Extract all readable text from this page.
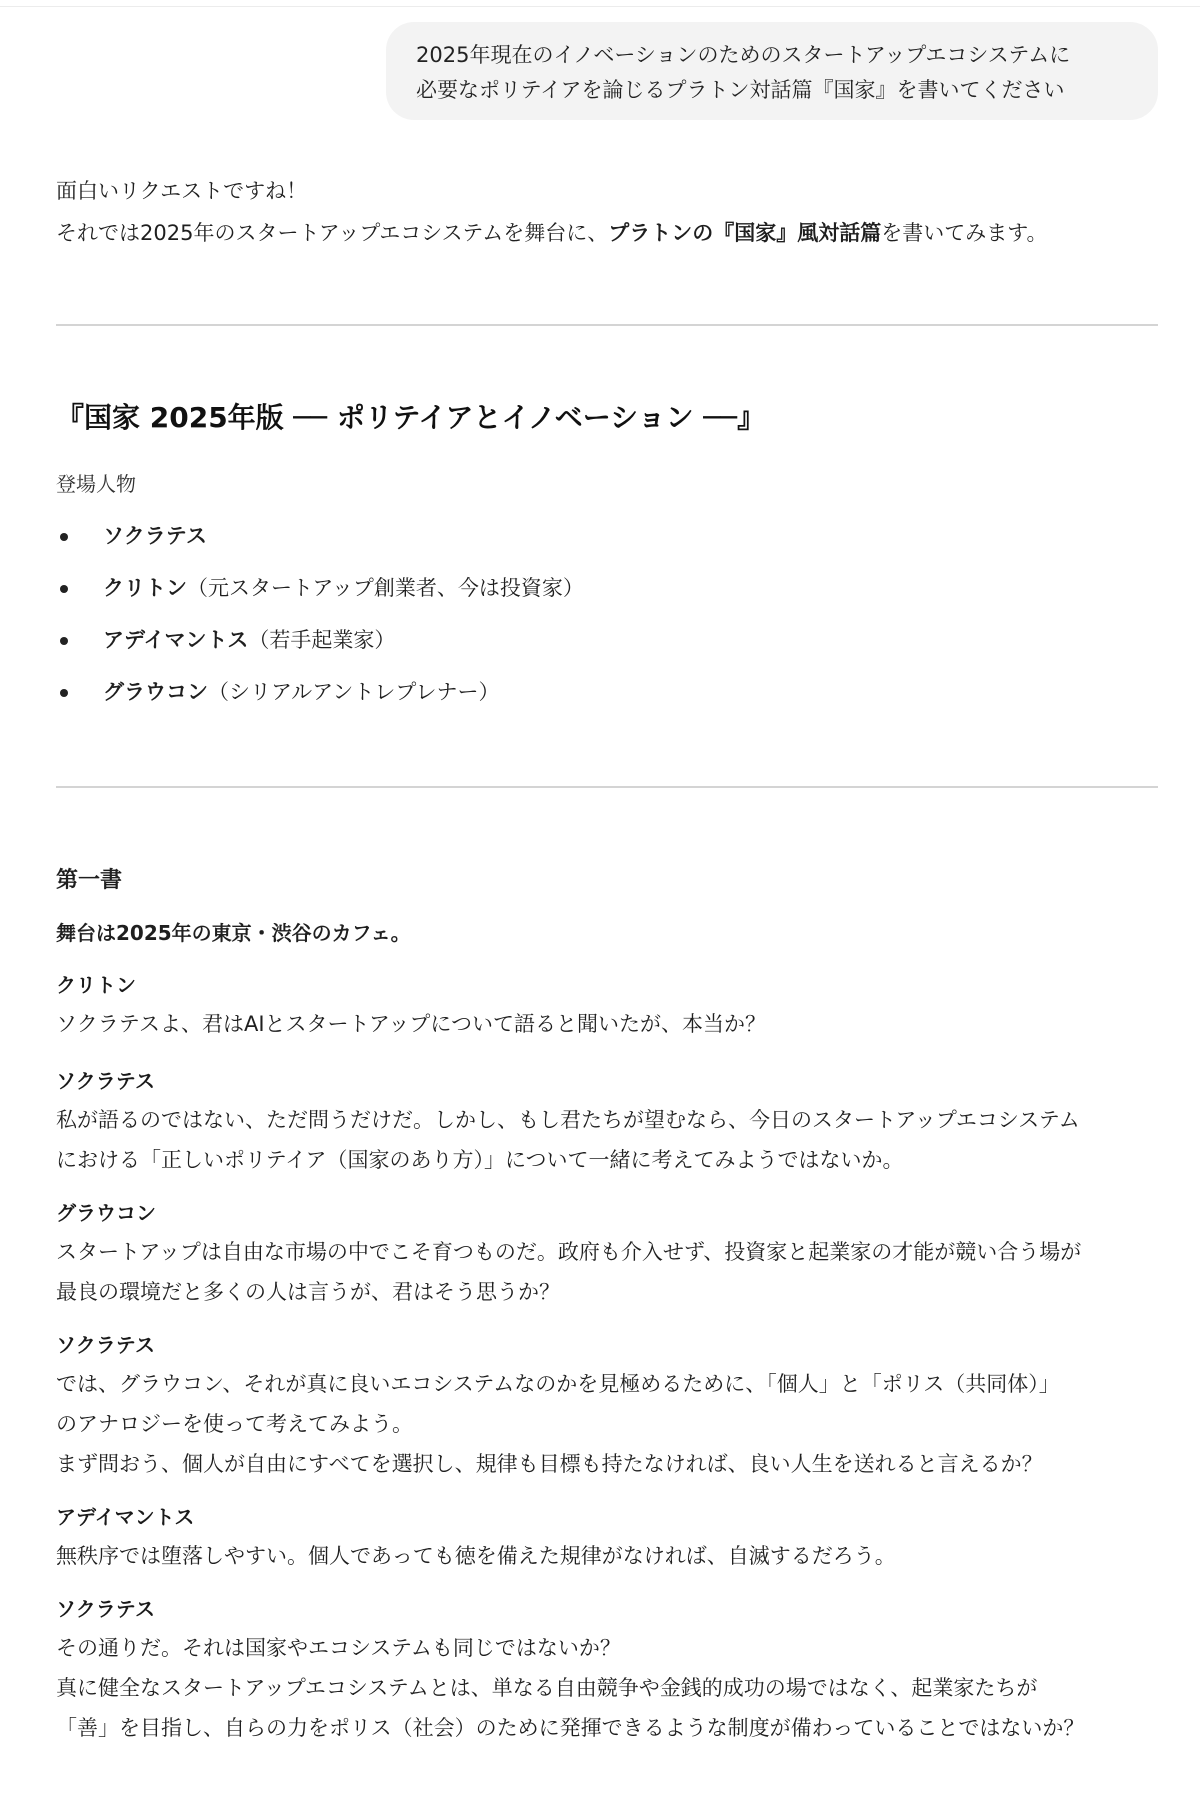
2025年現在のイノベーションのためのスタートアップエコシステムに

必要なポリテイアを論じるプラトン対話篇『国家』を書いてください

面白いリクエストですね！
それでは2025年のスタートアップエコシステムを舞台に、プラトンの『国家』風対話篇を書いてみます。
『国家 2025年版 ── ポリテイアとイノベーション ──』
登場人物
ソクラテス
クリトン（元スタートアップ創業者、今は投資家）
アデイマントス（若手起業家）
グラウコン（シリアルアントレプレナー）
第一書
舞台は2025年の東京・渋谷のカフェ。
クリトン
ソクラテスよ、君はAIとスタートアップについて語ると聞いたが、本当か？
ソクラテス
私が語るのではない、ただ問うだけだ。しかし、もし君たちが望むなら、今日のスタートアップエコシステム
における「正しいポリテイア（国家のあり方）」について一緒に考えてみようではないか。
グラウコン
スタートアップは自由な市場の中でこそ育つものだ。政府も介入せず、投資家と起業家の才能が競い合う場が
最良の環境だと多くの人は言うが、君はそう思うか？
ソクラテス
では、グラウコン、それが真に良いエコシステムなのかを見極めるために、「個人」と「ポリス（共同体）」
のアナロジーを使って考えてみよう。
まず問おう、個人が自由にすべてを選択し、規律も目標も持たなければ、良い人生を送れると言えるか？
アデイマントス
無秩序では堕落しやすい。個人であっても徳を備えた規律がなければ、自滅するだろう。
ソクラテス
その通りだ。それは国家やエコシステムも同じではないか？
真に健全なスタートアップエコシステムとは、単なる自由競争や金銭的成功の場ではなく、起業家たちが
「善」を目指し、自らの力をポリス（社会）のために発揮できるような制度が備わっていることではないか？
